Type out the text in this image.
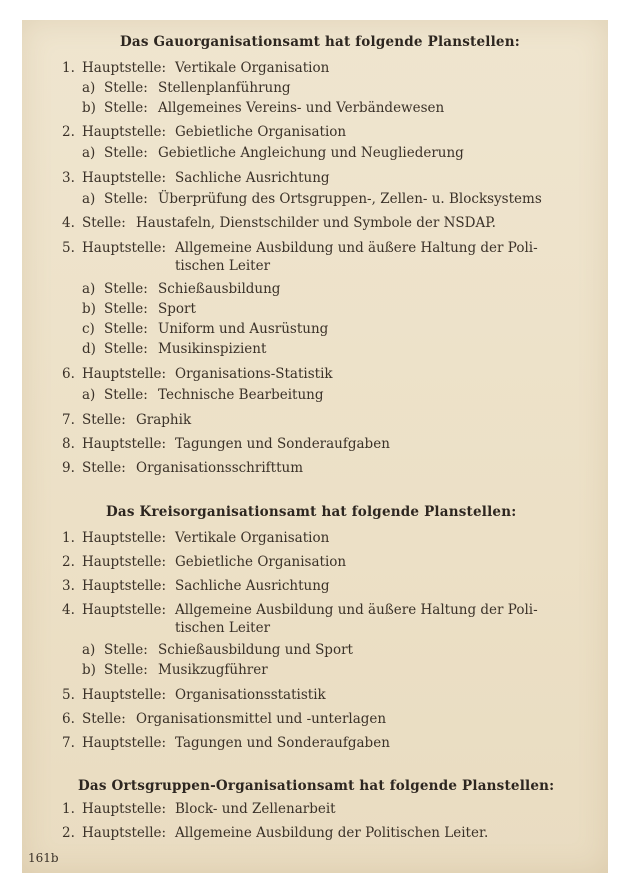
Das Gauorganisationsamt hat folgende Planstellen:
1. Hauptstelle: Vertikale Organisation
a) Stelle: Stellenplanführung
b) Stelle: Allgemeines Vereins- und Verbändewesen
2. Hauptstelle: Gebietliche Organisation
a) Stelle: Gebietliche Angleichung und Neugliederung
3. Hauptstelle: Sachliche Ausrichtung
a) Stelle: Überprüfung des Ortsgruppen-, Zellen- u. Blocksystems
4. Stelle: Haustafeln, Dienstschilder und Symbole der NSDAP.
5. Hauptstelle: Allgemeine Ausbildung und äußere Haltung der Poli-
tischen Leiter
a) Stelle: Schießausbildung
b) Stelle: Sport
c) Stelle: Uniform und Ausrüstung
d) Stelle: Musikinspizient
6. Hauptstelle: Organisations-Statistik
a) Stelle: Technische Bearbeitung
7. Stelle: Graphik
8. Hauptstelle: Tagungen und Sonderaufgaben
9. Stelle: Organisationsschrifttum
Das Kreisorganisationsamt hat folgende Planstellen:
1. Hauptstelle: Vertikale Organisation
2. Hauptstelle: Gebietliche Organisation
3. Hauptstelle: Sachliche Ausrichtung
4. Hauptstelle: Allgemeine Ausbildung und äußere Haltung der Poli-
tischen Leiter
a) Stelle: Schießausbildung und Sport
b) Stelle: Musikzugführer
5. Hauptstelle: Organisationsstatistik
6. Stelle: Organisationsmittel und -unterlagen
7. Hauptstelle: Tagungen und Sonderaufgaben
Das Ortsgruppen-Organisationsamt hat folgende Planstellen:
1. Hauptstelle: Block- und Zellenarbeit
2. Hauptstelle: Allgemeine Ausbildung der Politischen Leiter.
161b
